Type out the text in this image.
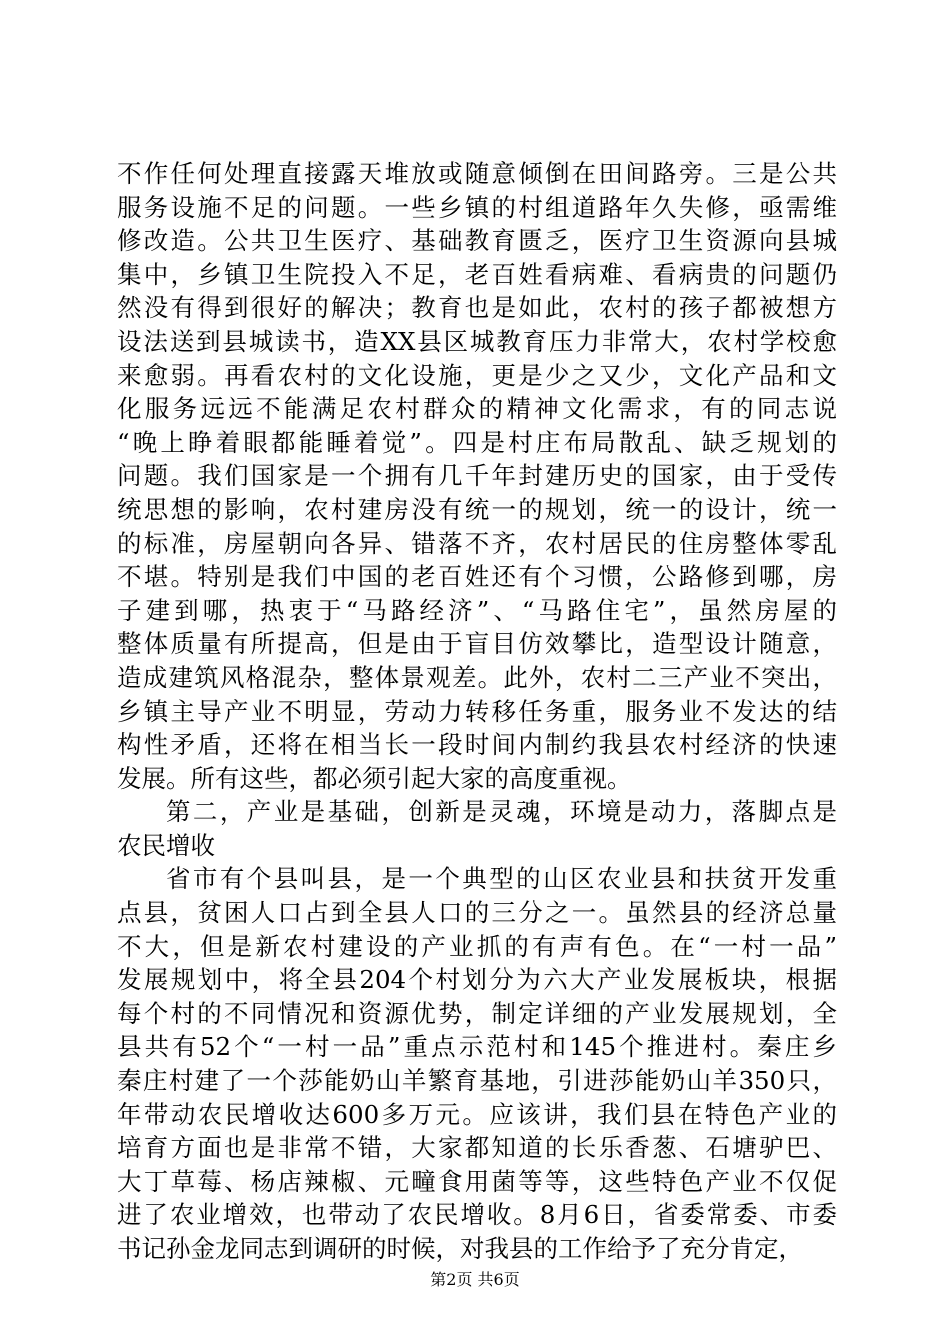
不作任何处理直接露天堆放或随意倾倒在田间路旁。三是公共
服务设施不足的问题。一些乡镇的村组道路年久失修，亟需维
修改造。公共卫生医疗、基础教育匮乏，医疗卫生资源向县城
集中，乡镇卫生院投入不足，老百姓看病难、看病贵的问题仍
然没有得到很好的解决；教育也是如此，农村的孩子都被想方
设法送到县城读书，造XX县区城教育压力非常大，农村学校愈
来愈弱。再看农村的文化设施，更是少之又少，文化产品和文
化服务远远不能满足农村群众的精神文化需求，有的同志说
“晚上睁着眼都能睡着觉”。四是村庄布局散乱、缺乏规划的
问题。我们国家是一个拥有几千年封建历史的国家，由于受传
统思想的影响，农村建房没有统一的规划，统一的设计，统一
的标准，房屋朝向各异、错落不齐，农村居民的住房整体零乱
不堪。特别是我们中国的老百姓还有个习惯，公路修到哪，房
子建到哪，热衷于“马路经济”、“马路住宅”，虽然房屋的
整体质量有所提高，但是由于盲目仿效攀比，造型设计随意，
造成建筑风格混杂，整体景观差。此外，农村二三产业不突出，
乡镇主导产业不明显，劳动力转移任务重，服务业不发达的结
构性矛盾，还将在相当长一段时间内制约我县农村经济的快速
发展。所有这些，都必须引起大家的高度重视。
第二，产业是基础，创新是灵魂，环境是动力，落脚点是
农民增收
省市有个县叫县，是一个典型的山区农业县和扶贫开发重
点县，贫困人口占到全县人口的三分之一。虽然县的经济总量
不大，但是新农村建设的产业抓的有声有色。在“一村一品”
发展规划中，将全县204个村划分为六大产业发展板块，根据
每个村的不同情况和资源优势，制定详细的产业发展规划，全
县共有52个“一村一品”重点示范村和145个推进村。秦庄乡
秦庄村建了一个莎能奶山羊繁育基地，引进莎能奶山羊350只，
年带动农民增收达600多万元。应该讲，我们县在特色产业的
培育方面也是非常不错，大家都知道的长乐香葱、石塘驴巴、
大丁草莓、杨店辣椒、元疃食用菌等等，这些特色产业不仅促
进了农业增效，也带动了农民增收。8月6日，省委常委、市委
书记孙金龙同志到调研的时候，对我县的工作给予了充分肯定，
第2页 共6页
